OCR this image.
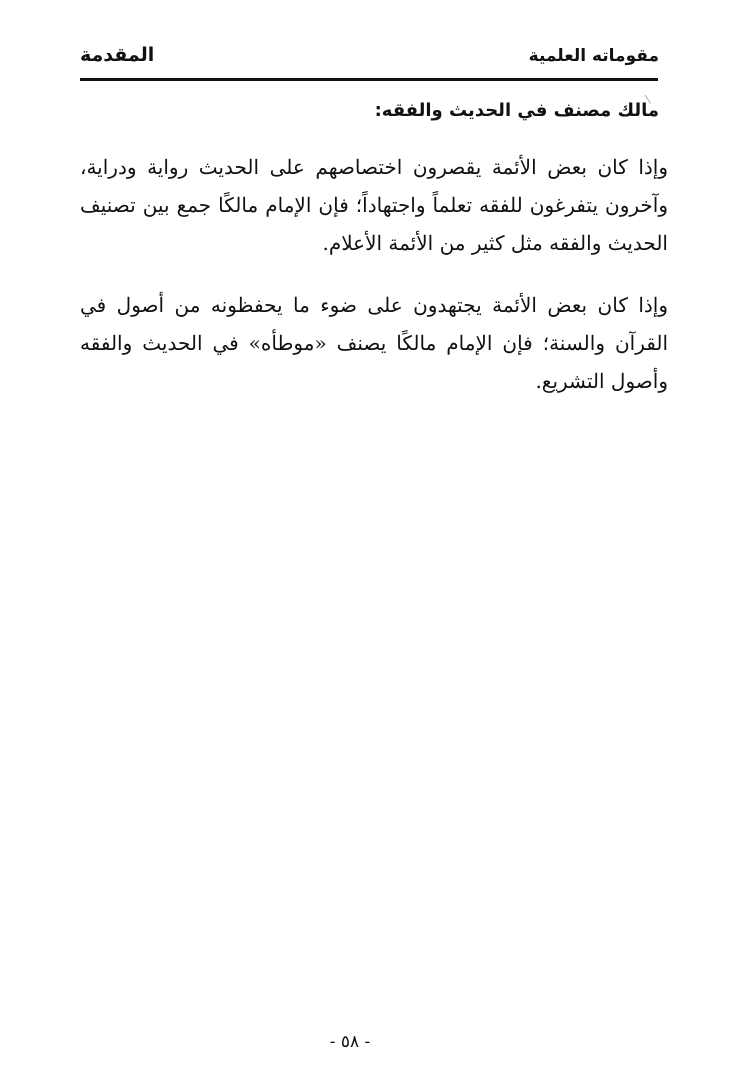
مقوماته العلمية
المقدمة
مالك مصنف في الحديث والفقه:

وإذا كان بعض الأئمة يقصرون اختصاصهم على الحديث رواية ودراية، وآخرون يتفرغون للفقه تعلماً واجتهاداً؛ فإن الإمام مالكًا جمع بين تصنيف الحديث والفقه مثل كثير من الأئمة الأعلام.

وإذا كان بعض الأئمة يجتهدون على ضوء ما يحفظونه من أصول في القرآن والسنة؛ فإن الإمام مالكًا يصنف «موطأه» في الحديث والفقه وأصول التشريع.

- ٥٨ -
